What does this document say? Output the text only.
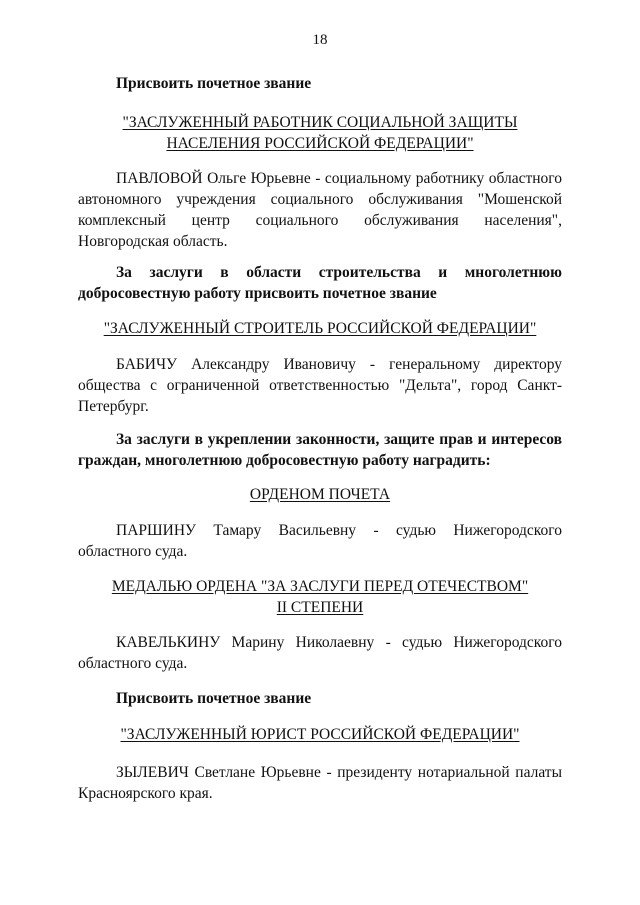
18

Присвоить почетное звание

"ЗАСЛУЖЕННЫЙ РАБОТНИК СОЦИАЛЬНОЙ ЗАЩИТЫ
НАСЕЛЕНИЯ РОССИЙСКОЙ ФЕДЕРАЦИИ"

ПАВЛОВОЙ Ольге Юрьевне - социальному работнику областного автономного учреждения социального обслуживания "Мошенской комплексный центр социального обслуживания населения", Новгородская область.

За заслуги в области строительства и многолетнюю добросовестную работу присвоить почетное звание

"ЗАСЛУЖЕННЫЙ СТРОИТЕЛЬ РОССИЙСКОЙ ФЕДЕРАЦИИ"

БАБИЧУ Александру Ивановичу - генеральному директору общества с ограниченной ответственностью "Дельта", город Санкт-Петербург.

За заслуги в укреплении законности, защите прав и интересов граждан, многолетнюю добросовестную работу наградить:

ОРДЕНОМ ПОЧЕТА

ПАРШИНУ Тамару Васильевну - судью Нижегородского областного суда.

МЕДАЛЬЮ ОРДЕНА "ЗА ЗАСЛУГИ ПЕРЕД ОТЕЧЕСТВОМ"
II СТЕПЕНИ

КАВЕЛЬКИНУ Марину Николаевну - судью Нижегородского областного суда.

Присвоить почетное звание

"ЗАСЛУЖЕННЫЙ ЮРИСТ РОССИЙСКОЙ ФЕДЕРАЦИИ"

ЗЫЛЕВИЧ Светлане Юрьевне - президенту нотариальной палаты Красноярского края.
